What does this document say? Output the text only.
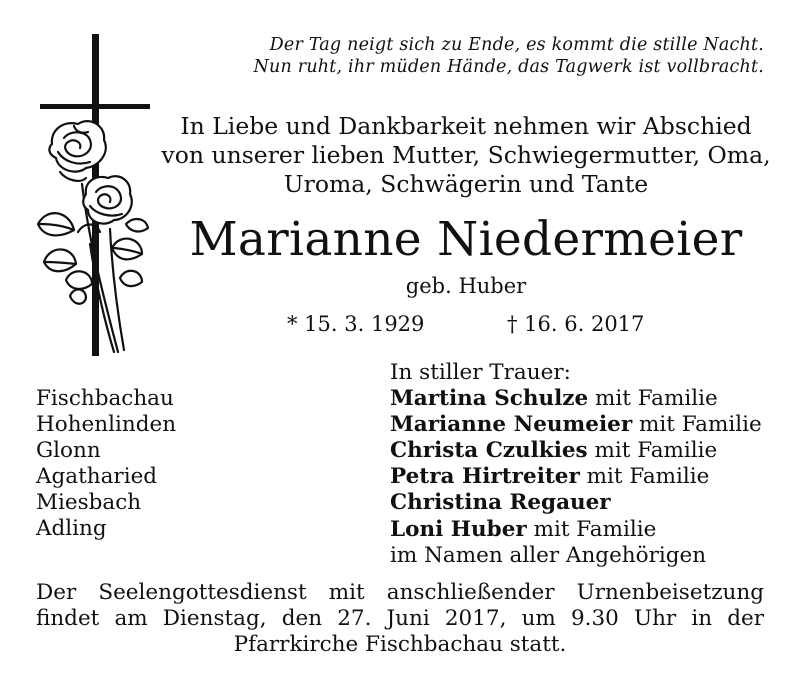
Der Tag neigt sich zu Ende, es kommt die stille Nacht.
Nun ruht, ihr müden Hände, das Tagwerk ist vollbracht.
In Liebe und Dankbarkeit nehmen wir Abschied
von unserer lieben Mutter, Schwiegermutter, Oma,
Uroma, Schwägerin und Tante
Marianne Niedermeier
geb. Huber
* 15. 3. 1929	† 16. 6. 2017
Fischbachau
Hohenlinden
Glonn
Agatharied
Miesbach
Adling
In stiller Trauer:
Martina Schulze mit Familie
Marianne Neumeier mit Familie
Christa Czulkies mit Familie
Petra Hirtreiter mit Familie
Christina Regauer
Loni Huber mit Familie
im Namen aller Angehörigen
Der Seelengottesdienst mit anschließender Urnenbeisetzung
findet am Dienstag, den 27. Juni 2017, um 9.30 Uhr in der
Pfarrkirche Fischbachau statt.
